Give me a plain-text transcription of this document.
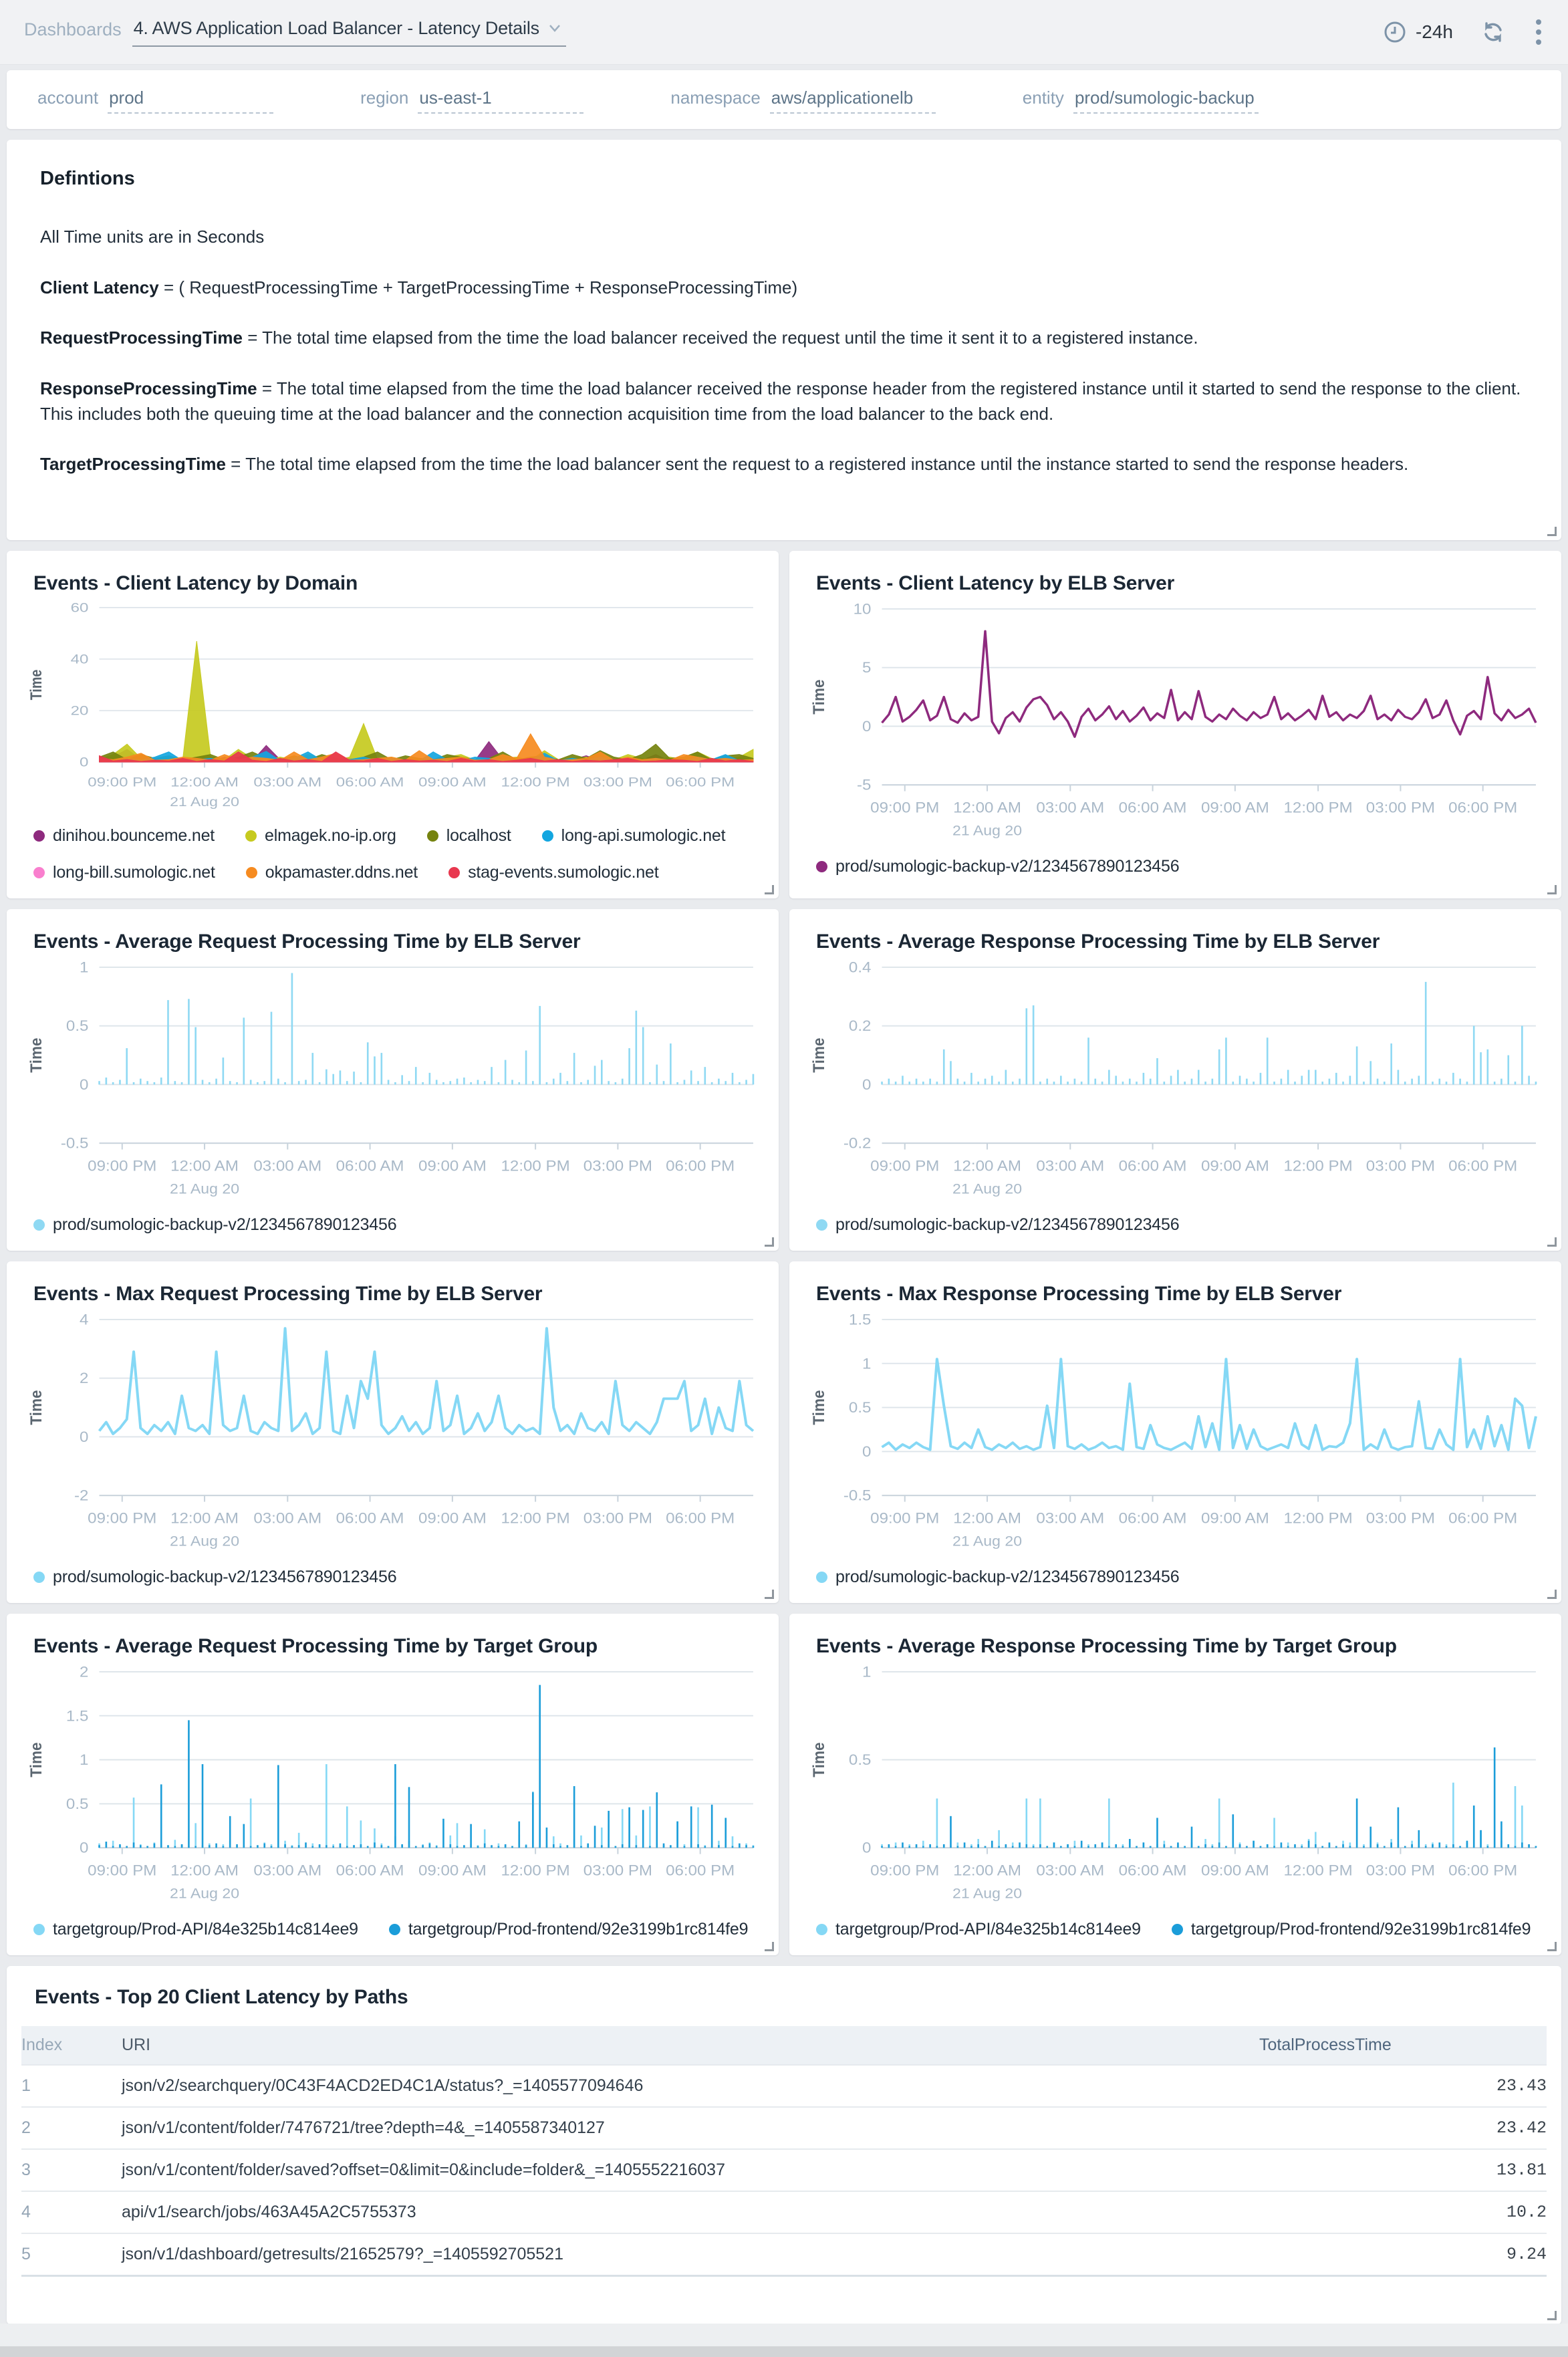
Dashboards 4. AWS Application Load Balancer - Latency Details	-24h
account prod	region us-east-1	namespace aws/applicationelb	entity prod/sumologic-backup
Defintions

All Time units are in Seconds

Client Latency = ( RequestProcessingTime + TargetProcessingTime + ResponseProcessingTime)

RequestProcessingTime = The total time elapsed from the time the load balancer received the request until the time it sent it to a registered instance.

ResponseProcessingTime = The total time elapsed from the time the load balancer received the response header from the registered instance until it started to send the response to the client. This includes both the queuing time at the load balancer and the connection acquisition time from the load balancer to the back end.

TargetProcessingTime = The total time elapsed from the time the load balancer sent the request to a registered instance until the instance started to send the response headers.

Events - Client Latency by Domain
0
20
40
60
Time
09:00 PM 12:00 AM
21 Aug 20
03:00 AM 06:00 AM 09:00 AM 12:00 PM 03:00 PM 06:00 PM
dinihou.bounceme.net	elmagek.no-ip.org	localhost	long-api.sumologic.net
long-bill.sumologic.net	okpamaster.ddns.net	stag-events.sumologic.net
Events - Client Latency by ELB Server
-5
0
5
10
Time
09:00 PM 12:00 AM
21 Aug 20
03:00 AM 06:00 AM 09:00 AM 12:00 PM 03:00 PM 06:00 PM
prod/sumologic-backup-v2/1234567890123456
Events - Average Request Processing Time by ELB Server
-0.5
0
0.5
1
Time
09:00 PM 12:00 AM
21 Aug 20
03:00 AM 06:00 AM 09:00 AM 12:00 PM 03:00 PM 06:00 PM
prod/sumologic-backup-v2/1234567890123456
Events - Average Response Processing Time by ELB Server
-0.2
0
0.2
0.4
Time
09:00 PM 12:00 AM
21 Aug 20
03:00 AM 06:00 AM 09:00 AM 12:00 PM 03:00 PM 06:00 PM
prod/sumologic-backup-v2/1234567890123456
Events - Max Request Processing Time by ELB Server
-2
0
2
4
Time
09:00 PM 12:00 AM
21 Aug 20
03:00 AM 06:00 AM 09:00 AM 12:00 PM 03:00 PM 06:00 PM
prod/sumologic-backup-v2/1234567890123456
Events - Max Response Processing Time by ELB Server
-0.5
0
0.5
1
1.5
Time
09:00 PM 12:00 AM
21 Aug 20
03:00 AM 06:00 AM 09:00 AM 12:00 PM 03:00 PM 06:00 PM
prod/sumologic-backup-v2/1234567890123456
Events - Average Request Processing Time by Target Group
0
0.5
1
1.5
2
Time
09:00 PM 12:00 AM
21 Aug 20
03:00 AM 06:00 AM 09:00 AM 12:00 PM 03:00 PM 06:00 PM
targetgroup/Prod-API/84e325b14c814ee9	targetgroup/Prod-frontend/92e3199b1rc814fe9
Events - Average Response Processing Time by Target Group
0
0.5
1
Time
09:00 PM 12:00 AM
21 Aug 20
03:00 AM 06:00 AM 09:00 AM 12:00 PM 03:00 PM 06:00 PM
targetgroup/Prod-API/84e325b14c814ee9	targetgroup/Prod-frontend/92e3199b1rc814fe9
Events - Top 20 Client Latency by Paths
Index	URI	TotalProcessTime
1	json/v2/searchquery/0C43F4ACD2ED4C1A/status?_=1405577094646	23.43
2	json/v1/content/folder/7476721/tree?depth=4&_=1405587340127	23.42
3	json/v1/content/folder/saved?offset=0&limit=0&include=folder&_=1405552216037	13.81
4	api/v1/search/jobs/463A45A2C5755373	10.2
5	json/v1/dashboard/getresults/21652579?_=1405592705521	9.24
